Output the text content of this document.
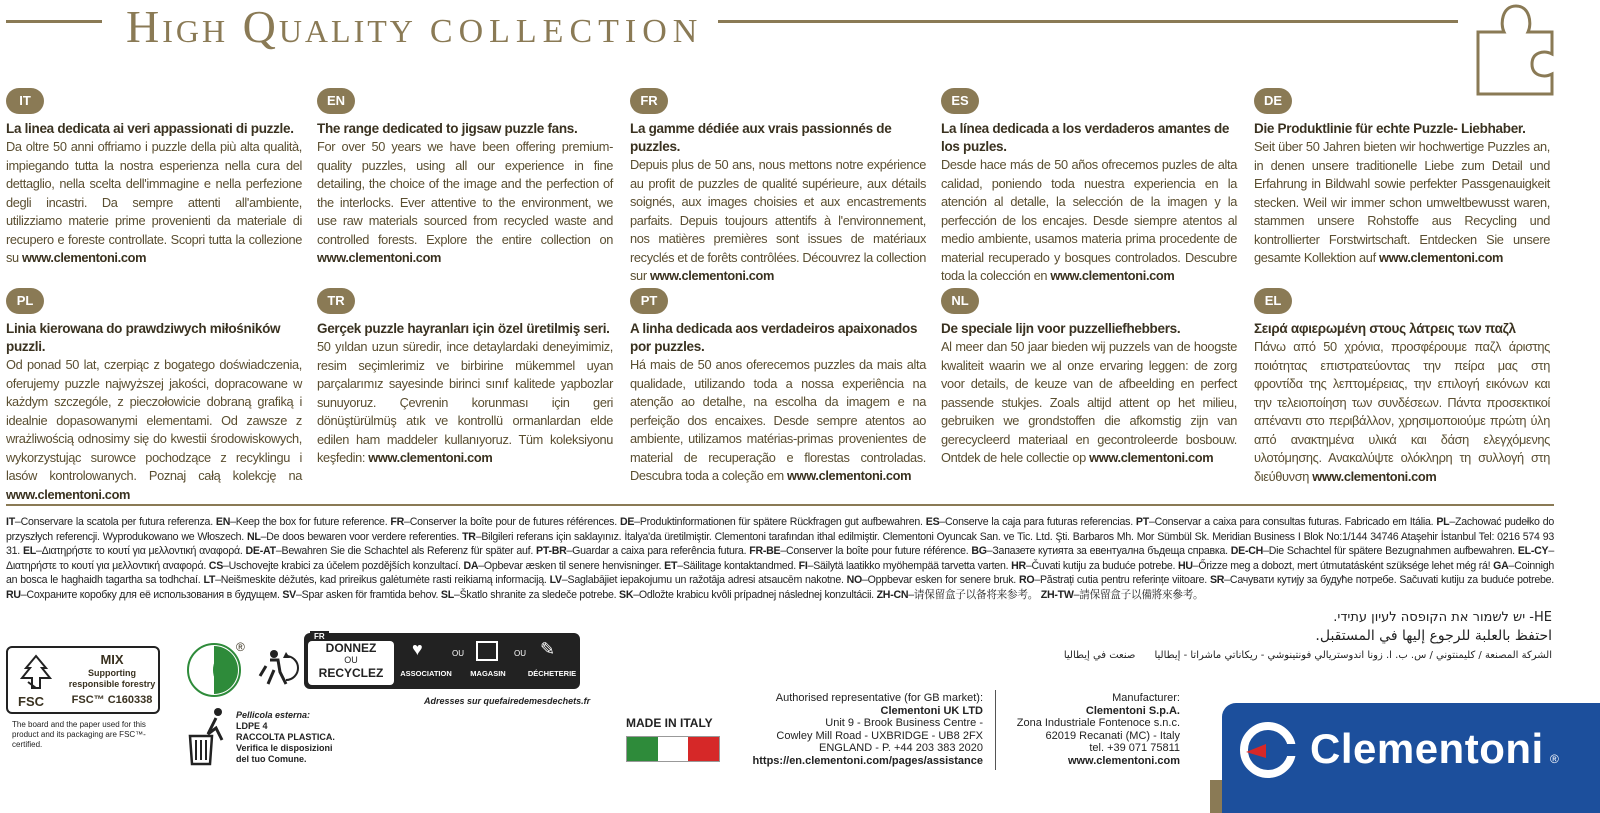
High Quality COLLECTION
IT
La linea dedicata ai veri appassionati di puzzle.

Da oltre 50 anni offriamo i puzzle della più alta qualità, impiegando tutta la nostra esperienza nella cura del dettaglio, nella scelta dell'immagine e nella perfezione degli incastri. Da sempre attenti all'ambiente, utilizziamo materie prime provenienti da materiale di recupero e foreste controllate. Scopri tutta la collezione su www.clementoni.com

EN
The range dedicated to jigsaw puzzle fans.

For over 50 years we have been offering premium-quality puzzles, using all our experience in fine detailing, the choice of the image and the perfection of the interlocks. Ever attentive to the environment, we use raw materials sourced from recycled waste and controlled forests. Explore the entire collection on www.clementoni.com

FR
La gamme dédiée aux vrais passionnés de puzzles.

Depuis plus de 50 ans, nous mettons notre expérience au profit de puzzles de qualité supérieure, aux détails soignés, aux images choisies et aux encastrements parfaits. Depuis toujours attentifs à l'environnement, nos matières premières sont issues de matériaux recyclés et de forêts contrôlées. Découvrez la collection sur www.clementoni.com

ES
La línea dedicada a los verdaderos amantes de los puzles.

Desde hace más de 50 años ofrecemos puzles de alta calidad, poniendo toda nuestra experiencia en la atención al detalle, la selección de la imagen y la perfección de los encajes. Desde siempre atentos al medio ambiente, usamos materia prima procedente de material recuperado y bosques controlados. Descubre toda la colección en www.clementoni.com

DE
Die Produktlinie für echte Puzzle- Liebhaber.

Seit über 50 Jahren bieten wir hochwertige Puzzles an, in denen unsere traditionelle Liebe zum Detail und Erfahrung in Bildwahl sowie perfekter Passgenauigkeit stecken. Weil wir immer schon umweltbewusst waren, stammen unsere Rohstoffe aus Recycling und kontrollierter Forstwirtschaft. Entdecken Sie unsere gesamte Kollektion auf www.clementoni.com

PL
Linia kierowana do prawdziwych miłośników puzzli.

Od ponad 50 lat, czerpiąc z bogatego doświadczenia, oferujemy puzzle najwyższej jakości, dopracowane w każdym szczególe, z pieczołowicie dobraną grafiką i idealnie dopasowanymi elementami. Od zawsze z wrażliwością odnosimy się do kwestii środowiskowych, wykorzystując surowce pochodzące z recyklingu i lasów kontrolowanych. Poznaj całą kolekcję na www.clementoni.com

TR
Gerçek puzzle hayranları için özel üretilmiş seri.

50 yıldan uzun süredir, ince detaylardaki deneyimimiz, resim seçimlerimiz ve birbirine mükemmel uyan parçalarımız sayesinde birinci sınıf kalitede yapbozlar sunuyoruz. Çevrenin korunması için geri dönüştürülmüş atık ve kontrollü ormanlardan elde edilen ham maddeler kullanıyoruz. Tüm koleksiyonu keşfedin: www.clementoni.com

PT
A linha dedicada aos verdadeiros apaixonados por puzzles.

Há mais de 50 anos oferecemos puzzles da mais alta qualidade, utilizando toda a nossa experiência na atenção ao detalhe, na escolha da imagem e na perfeição dos encaixes. Desde sempre atentos ao ambiente, utilizamos matérias-primas provenientes de material de recuperação e florestas controladas. Descubra toda a coleção em www.clementoni.com

NL
De speciale lijn voor puzzelliefhebbers.

Al meer dan 50 jaar bieden wij puzzels van de hoogste kwaliteit waarin we al onze ervaring leggen: de zorg voor details, de keuze van de afbeelding en perfect passende stukjes. Zoals altijd attent op het milieu, gebruiken we grondstoffen die afkomstig zijn van gerecycleerd materiaal en gecontroleerde bosbouw. Ontdek de hele collectie op www.clementoni.com

EL
Σειρά αφιερωμένη στους λάτρεις των παζλ

Πάνω από 50 χρόνια, προσφέρουμε παζλ άριστης ποιότητας επιστρατεύοντας την πείρα μας στη φροντίδα της λεπτομέρειας, την επιλογή εικόνων και την τελειοποίηση των συνδέσεων. Πάντα προσεκτικοί απέναντι στο περιβάλλον, χρησιμοποιούμε πρώτη ύλη από ανακτημένα υλικά και δάση ελεγχόμενης υλοτόμησης. Ανακαλύψτε ολόκληρη τη συλλογή στη διεύθυνση www.clementoni.com

IT–Conservare la scatola per futura referenza. EN–Keep the box for future reference. FR–Conserver la boîte pour de futures références. DE–Produktinformationen für spätere Rückfragen gut aufbewahren. ES–Conserve la caja para futuras referencias. PT–Conservar a caixa para consultas futuras. Fabricado em Itália. PL–Zachować pudełko do przyszłych referencji. Wyprodukowano we Włoszech. NL–De doos bewaren voor verdere referenties. TR–Bilgileri referans için saklayınız. İtalya'da üretilmiştir. Clementoni tarafından ithal edilmiştir. Clementoni Oyuncak San. ve Tic. Ltd. Şti. Barbaros Mh. Mor Sümbül Sk. Meridian Business I Blok No:1/144 34746 Ataşehir İstanbul Tel: 0216 574 93 31. EL–Διατηρήστε το κουτί για μελλοντική αναφορά. DE-AT–Bewahren Sie die Schachtel als Referenz für später auf. PT-BR–Guardar a caixa para referência futura. FR-BE–Conserver la boîte pour future référence. BG–Запазете кутията за евентуална бъдеща справка. DE-CH–Die Schachtel für spätere Bezugnahmen aufbewahren. EL-CY–Διατηρήστε το κουτί για μελλοντική αναφορά. CS–Uschovejte krabici za účelem pozdějších konzultací. DA–Opbevar æsken til senere henvisninger. ET–Säilitage kontaktandmed. FI–Säilytä laatikko myöhempää tarvetta varten. HR–Čuvati kutiju za buduće potrebe. HU–Őrizze meg a dobozt, mert útmutatásként szüksége lehet még rá! GA–Coinnigh an bosca le haghaidh tagartha sa todhchaí. LT–Neišmeskite dėžutės, kad prireikus galėtumėte rasti reikiamą informaciją. LV–Saglabājiet iepakojumu un ražotāja adresi atsaucēm nakotne. NO–Oppbevar esken for senere bruk. RO–Păstrați cutia pentru referințe viitoare. SR–Сачувати кутију за будуће потребе. Sačuvati kutiju za buduće potrebe. RU–Сохраните коробку для её использования в будущем. SV–Spar asken för framtida behov. SL–Škatlo shranite za sledeče potrebe. SK–Odložte krabicu kvôli prípadnej následnej konzultácii. ZH-CN–请保留盒子以备将来参考。 ZH-TW–請保留盒子以備將來參考。
HE- יש לשמור את הקופסה לעיון עתידי.
احتفظ بالعلبة للرجوع إليها في المستقبل.
الشركة المصنعة / كليمنتوني / س. ب. ا. زونا اندوستريالي فونتينوشي - ريكاناتي ماشراتا - إيطاليا      صنعت في إيطاليا
FSC
MIX
Supporting
responsible forestry
FSC™ C160338
The board and the paper used for this product and its packaging are FSC™-certified.
®
FR
DONNEZ
OU
RECYCLEZ
♥
ASSOCIATION
OU
MAGASIN
OU ✎
DÉCHETERIE
Adresses sur quefairedemesdechets.fr
Pellicola esterna:
LDPE 4
RACCOLTA PLASTICA.
Verifica le disposizioni
del tuo Comune.
MADE IN ITALY
Authorised representative (for GB market):
Clementoni UK LTD
Unit 9 - Brook Business Centre -
Cowley Mill Road - UXBRIDGE - UB8 2FX
ENGLAND - P. +44 203 383 2020
https://en.clementoni.com/pages/assistance
Manufacturer:
Clementoni S.p.A.
Zona Industriale Fontenoce s.n.c.
62019 Recanati (MC) - Italy
tel. +39 071 75811
www.clementoni.com	Clementoni ®
